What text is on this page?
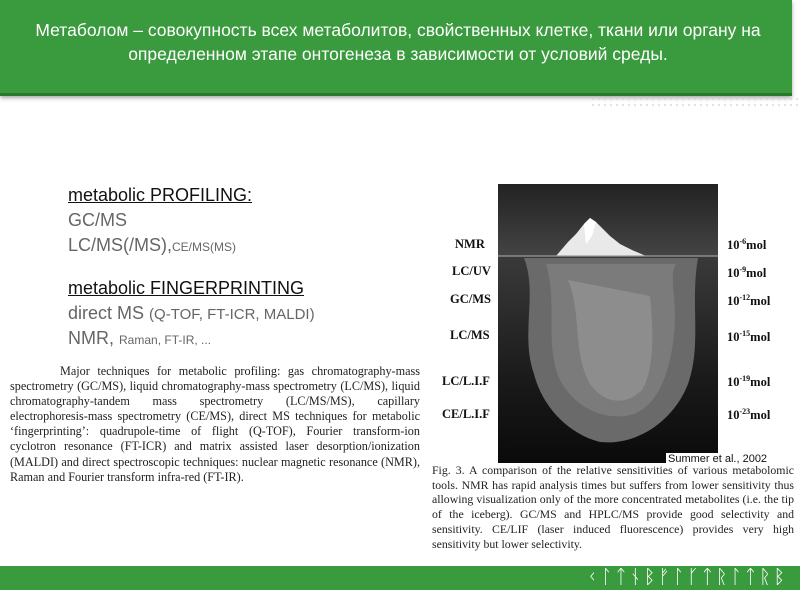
Метаболом – совокупность всех метаболитов, свойственных клетке, ткани или органу на определенном этапе онтогенеза в зависимости от условий среды.
metabolic PROFILING:
GC/MS
LC/MS(/MS),CE/MS(MS)
metabolic FINGERPRINTING
direct MS (Q-TOF, FT-ICR, MALDI)
NMR, Raman, FT-IR, ...
Major techniques for metabolic profiling: gas chromatography-mass spectrometry (GC/MS), liquid chromatography-mass spectrometry (LC/MS), liquid chromatography-tandem mass spectrometry (LC/MS/MS), capillary electrophoresis-mass spectrometry (CE/MS), direct MS techniques for metabolic ‘fingerprinting’: quadrupole-time of flight (Q-TOF), Fourier transform-ion cyclotron resonance (FT-ICR) and matrix assisted laser desorption/ionization (MALDI) and direct spectroscopic techniques: nuclear magnetic resonance (NMR), Raman and Fourier transform infra-red (FT-IR).
NMR
LC/UV
GC/MS
LC/MS
LC/L.I.F
CE/L.I.F
$10^{-6}mol$
$10^{-9}mol$
$10^{-12}mol$
$10^{-15}mol$
$10^{-19}mol$
$10^{-23}mol$
Summer et al., 2002
Fig. 3. A comparison of the relative sensitivities of various metabolomic tools. NMR has rapid analysis times but suffers from lower sensitivity thus allowing visualization only of the more concentrated metabolites (i.e. the tip of the iceberg). GC/MS and HPLC/MS provide good selectivity and sensitivity. CE/LIF (laser induced fluorescence) provides very high sensitivity but lower selectivity.
ᚲᛚᛏᚾᛒᚠᛚᚴᛏᚱᛚᛏᚱᛒ
